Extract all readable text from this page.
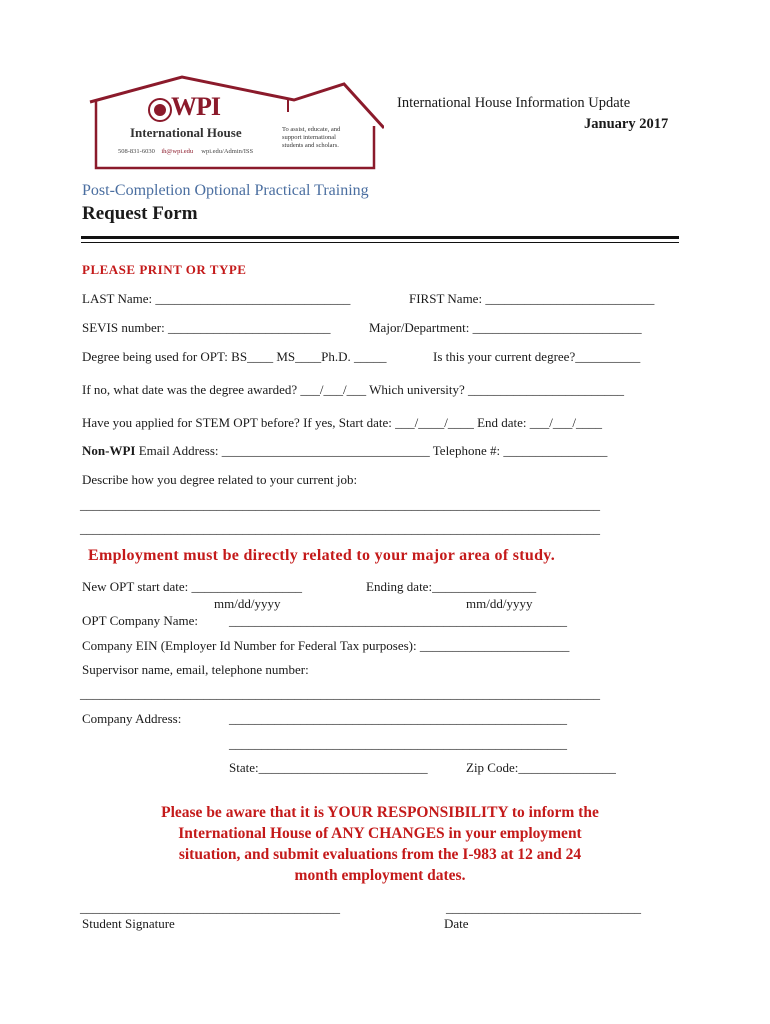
WPI
International House	To assist, educate, and
support international
students and scholars.
508-831-6030 ih@wpi.edu wpi.edu/Admin/ISS
International House Information Update
January 2017
Post-Completion Optional Practical Training
Request Form
PLEASE PRINT OR TYPE
LAST Name: ______________________________	FIRST Name: __________________________
SEVIS number: _________________________	Major/Department: __________________________
Degree being used for OPT: BS____ MS____Ph.D. _____	Is this your current degree?__________
If no, what date was the degree awarded? ___/___/___ Which university? ________________________
Have you applied for STEM OPT before? If yes, Start date: ___/____/____ End date: ___/___/____
Non-WPI Email Address: ________________________________ Telephone #: ________________
Describe how you degree related to your current job:
________________________________________________________________________________
________________________________________________________________________________
Employment must be directly related to your major area of study.
New OPT start date: _________________	Ending date:________________
mm/dd/yyyy	mm/dd/yyyy
OPT Company Name: ____________________________________________________
Company EIN (Employer Id Number for Federal Tax purposes): _______________________
Supervisor name, email, telephone number:
________________________________________________________________________________
Company Address:	____________________________________________________
____________________________________________________
State:__________________________	Zip Code:_______________
Please be aware that it is YOUR RESPONSIBILITY to inform the
International House of ANY CHANGES in your employment
situation, and submit evaluations from the I-983 at 12 and 24
month employment dates.
________________________________________
Student Signature
______________________________
Date
